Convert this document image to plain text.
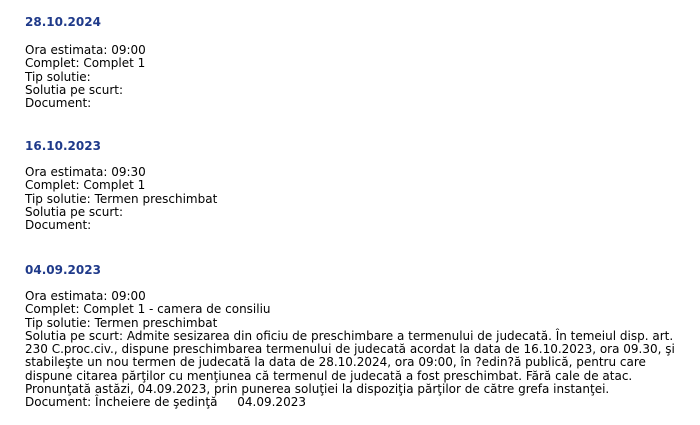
28.10.2024
Ora estimata: 09:00
Complet: Complet 1
Tip solutie:
Solutia pe scurt:
Document:
16.10.2023
Ora estimata: 09:30
Complet: Complet 1
Tip solutie: Termen preschimbat
Solutia pe scurt:
Document:
04.09.2023
Ora estimata: 09:00
Complet: Complet 1 - camera de consiliu
Tip solutie: Termen preschimbat
Solutia pe scurt: Admite sesizarea din oficiu de preschimbare a termenului de judecată. În temeiul disp. art. 230 C.proc.civ., dispune preschimbarea termenului de judecată acordat la data de 16.10.2023, ora 09.30, şi stabileşte un nou termen de judecată la data de 28.10.2024, ora 09:00, în ?edin?ă publică, pentru care dispune citarea părţilor cu menţiunea că termenul de judecată a fost preschimbat. Fără cale de atac. Pronunţată astăzi, 04.09.2023, prin punerea soluţiei la dispoziţia părţilor de către grefa instanţei.
Document: Încheiere de şedinţă 04.09.2023
